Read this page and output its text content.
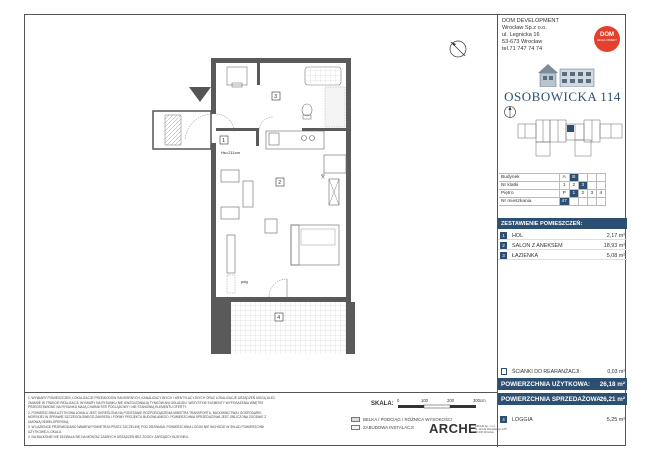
1
2
3
4
Hs=211cm
pdg
DOM DEVELOPMENT
Wrocław Sp.z o.o.
ul. Legnicka 16
53-673 Wrocław
tel.71 747 74 74
DOM
DEVELOPMENT
OSOBOWICKA 114
Budynek	A	B			
Nr klatki	1	2	3		
Piętro	P	1	2	3	4
Nr mieszkania	47				
ZESTAWIENIE POMIESZCZEŃ:
1	HOL	2,17 m²
2	SALON Z ANEKSEM	18,93 m²
3	ŁAZIENKA	5,08 m²
ŚCIANKI DO REARANŻACJI:	0,03 m²
POWIERZCHNIA UŻYTKOWA: 26,18 m²
POWIERZCHNIA SPRZEDAŻOWA:
26,21 m²
4	LOGGIA	5,25 m²

1. WYMIARY POMIESZCZEŃ, LOKALIZACJE PRZEWODÓW SANITARNYCH, KANALIZACYJNYCH I WENTYLACYJNYCH ORAZ LOKALIZACJE URZĄDZEŃ MOGĄ ULEC ZMIANIE W TRAKCIE REALIZACJI. WYMIARY NA RYSUNKU NIE UWZGLĘDNIAJĄ TYNKÓW ANI OKŁADZIN. WSZYSTKIE ELEMENTY WYPOSAŻENIA WNĘTRZ PRZEDSTAWIONE NA RYSUNKU MAJĄ CHARAKTER POGLĄDOWY I NIE STANOWIĄ ELEMENTU OFERTY.

2. POWIERZCHNIA UŻYTKOWA LOKALU JEST OKREŚLONA NA PODSTAWIE ROZPORZĄDZENIA MINISTRA TRANSPORTU, BUDOWNICTWA I GOSPODARKI MORSKIEJ W SPRAWIE SZCZEGÓŁOWEGO ZAKRESU I FORMY PROJEKTU BUDOWLANEGO. POWIERZCHNIA SPRZEDAŻOWA JEST OBLICZONA ZGODNIE Z UMOWĄ DEWELOPERSKĄ.

3. W ŁAZIENCE PRZEWIDZIANO NAWIEW POWIETRZA PRZEZ SZCZELINĘ POD DRZWIAMI. POWIERZCHNIA LOGGII NIE WCHODZI W SKŁAD POWIERZCHNI UŻYTKOWEJ LOKALU.

4. NA BALKONIE NIE ZEZWALA SIĘ NA MONTAŻ ŻADNYCH URZĄDZEŃ BEZ ZGODY ZARZĄDCY BUDYNKU.

SKALA:
0	100	200	300cm
BELKA / PODCIĄG / RÓŻNICA WYSOKOŚCI
ZABUDOWA INSTALACJI	ARCHE
ARCHE Sp. z o.o.
ul. Józefa Piłsudskiego 1/87
00-000 Wrocław
